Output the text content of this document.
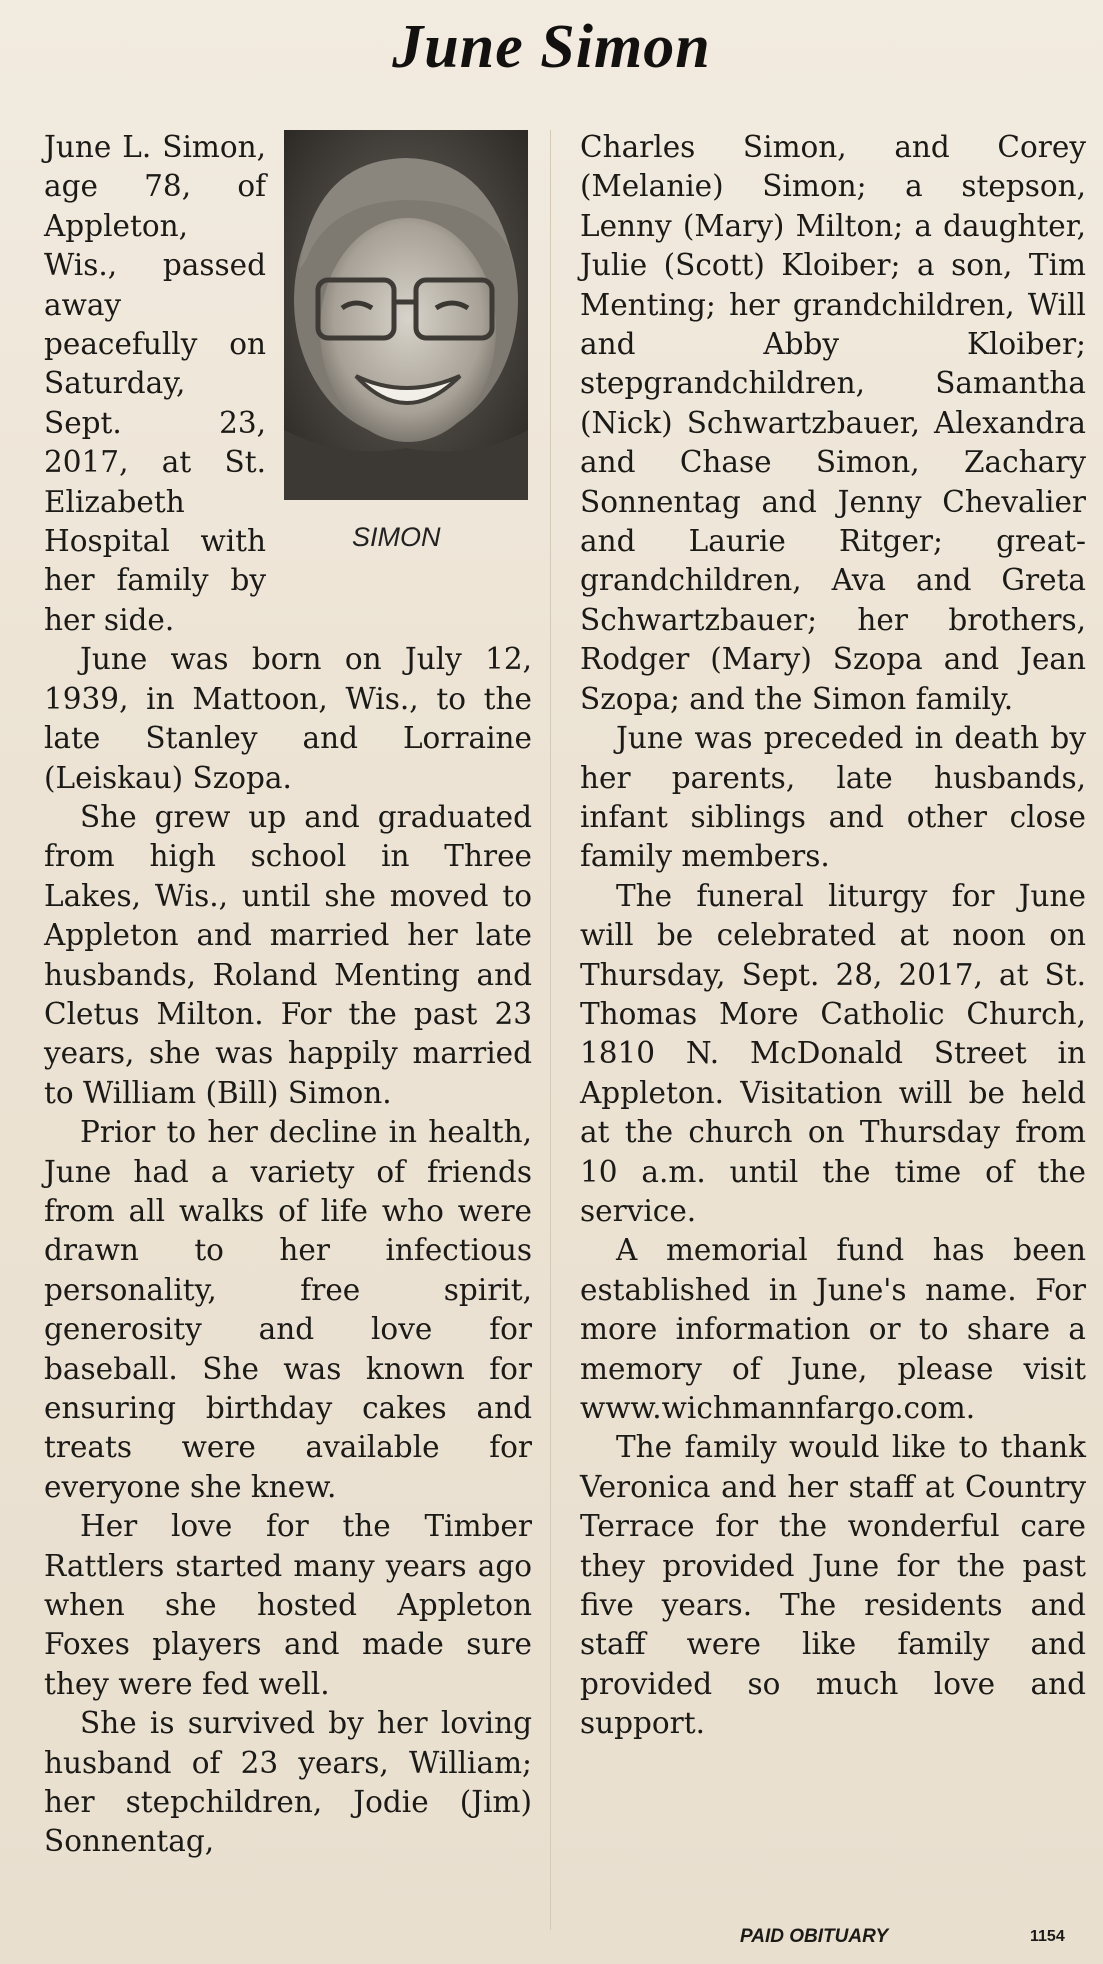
June Simon
SIMON

June L. Simon, age 78, of Appleton, Wis., passed away peacefully on Saturday, Sept. 23, 2017, at St. Elizabeth Hospital with her family by her side.

June was born on July 12, 1939, in Mattoon, Wis., to the late Stanley and Lorraine (Leiskau) Szopa.

She grew up and graduated from high school in Three Lakes, Wis., until she moved to Appleton and married her late husbands, Roland Menting and Cletus Milton. For the past 23 years, she was happily married to William (Bill) Simon.

Prior to her decline in health, June had a variety of friends from all walks of life who were drawn to her infectious personality, free spirit, generosity and love for baseball. She was known for ensuring birthday cakes and treats were available for everyone she knew.

Her love for the Timber Rattlers started many years ago when she hosted Appleton Foxes players and made sure they were fed well.

She is survived by her loving husband of 23 years, William; her stepchildren, Jodie (Jim) Sonnentag,

Charles Simon, and Corey (Melanie) Simon; a stepson, Lenny (Mary) Milton; a daughter, Julie (Scott) Kloiber; a son, Tim Menting; her grandchildren, Will and Abby Kloiber; stepgrandchildren, Samantha (Nick) Schwartzbauer, Alexandra and Chase Simon, Zachary Sonnentag and Jenny Chevalier and Laurie Ritger; great-grandchildren, Ava and Greta Schwartzbauer; her brothers, Rodger (Mary) Szopa and Jean Szopa; and the Simon family.

June was preceded in death by her parents, late husbands, infant siblings and other close family members.

The funeral liturgy for June will be celebrated at noon on Thursday, Sept. 28, 2017, at St. Thomas More Catholic Church, 1810 N. McDonald Street in Appleton. Visitation will be held at the church on Thursday from 10 a.m. until the time of the service.

A memorial fund has been established in June's name. For more information or to share a memory of June, please visit www.wichmannfargo.com.

The family would like to thank Veronica and her staff at Country Terrace for the wonderful care they provided June for the past five years. The residents and staff were like family and provided so much love and support.

PAID OBITUARY	1154
